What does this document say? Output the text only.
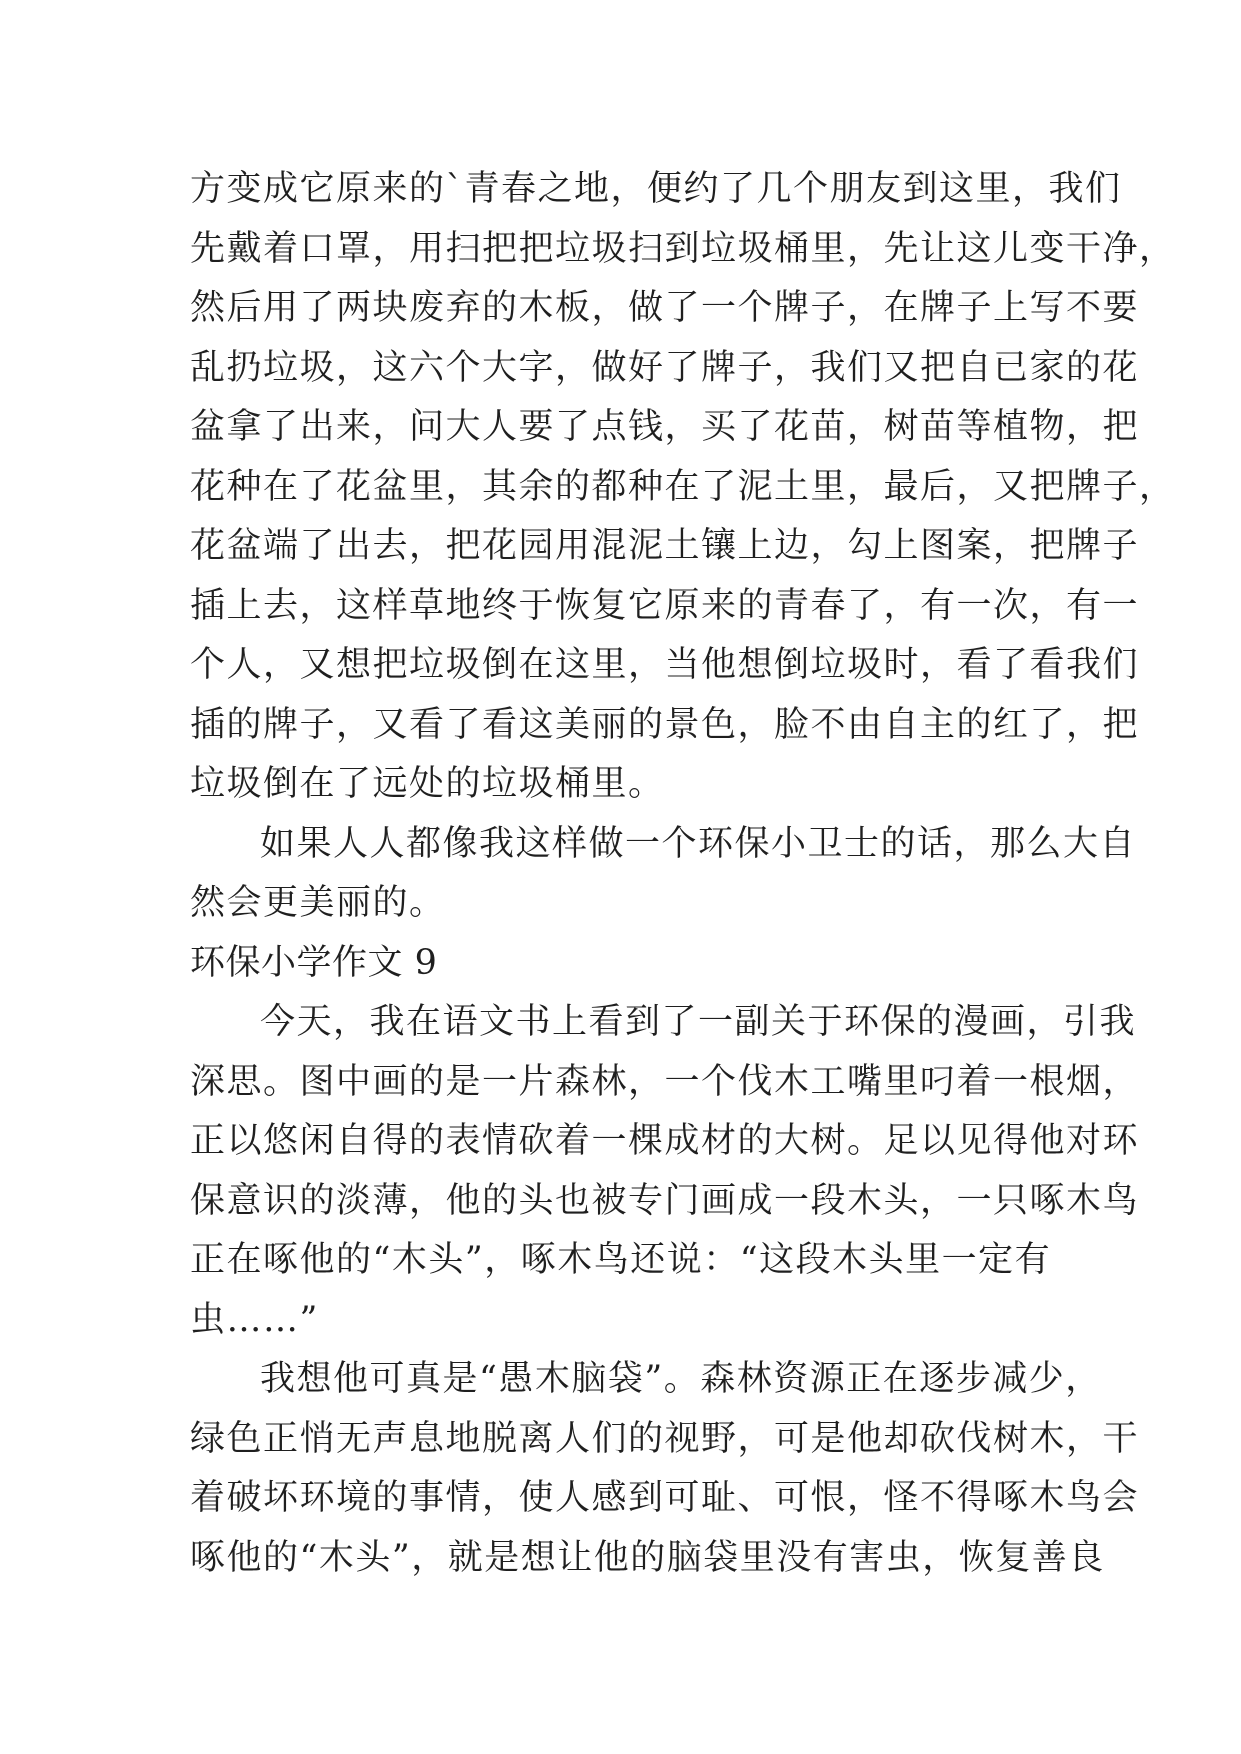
方变成它原来的`青春之地，便约了几个朋友到这里，我们
先戴着口罩，用扫把把垃圾扫到垃圾桶里，先让这儿变干净，
然后用了两块废弃的木板，做了一个牌子，在牌子上写不要
乱扔垃圾，这六个大字，做好了牌子，我们又把自已家的花
盆拿了出来，问大人要了点钱，买了花苗，树苗等植物，把
花种在了花盆里，其余的都种在了泥土里，最后，又把牌子，
花盆端了出去，把花园用混泥土镶上边，勾上图案，把牌子
插上去，这样草地终于恢复它原来的青春了，有一次，有一
个人，又想把垃圾倒在这里，当他想倒垃圾时，看了看我们
插的牌子，又看了看这美丽的景色，脸不由自主的红了，把
垃圾倒在了远处的垃圾桶里。
如果人人都像我这样做一个环保小卫士的话，那么大自
然会更美丽的。
环保小学作文 9
今天，我在语文书上看到了一副关于环保的漫画，引我
深思。图中画的是一片森林，一个伐木工嘴里叼着一根烟，
正以悠闲自得的表情砍着一棵成材的大树。足以见得他对环
保意识的淡薄，他的头也被专门画成一段木头，一只啄木鸟
正在啄他的“木头”，啄木鸟还说：“这段木头里一定有
虫……”
我想他可真是“愚木脑袋”。森林资源正在逐步减少，
绿色正悄无声息地脱离人们的视野，可是他却砍伐树木，干
着破坏环境的事情，使人感到可耻、可恨，怪不得啄木鸟会
啄他的“木头”，就是想让他的脑袋里没有害虫，恢复善良
